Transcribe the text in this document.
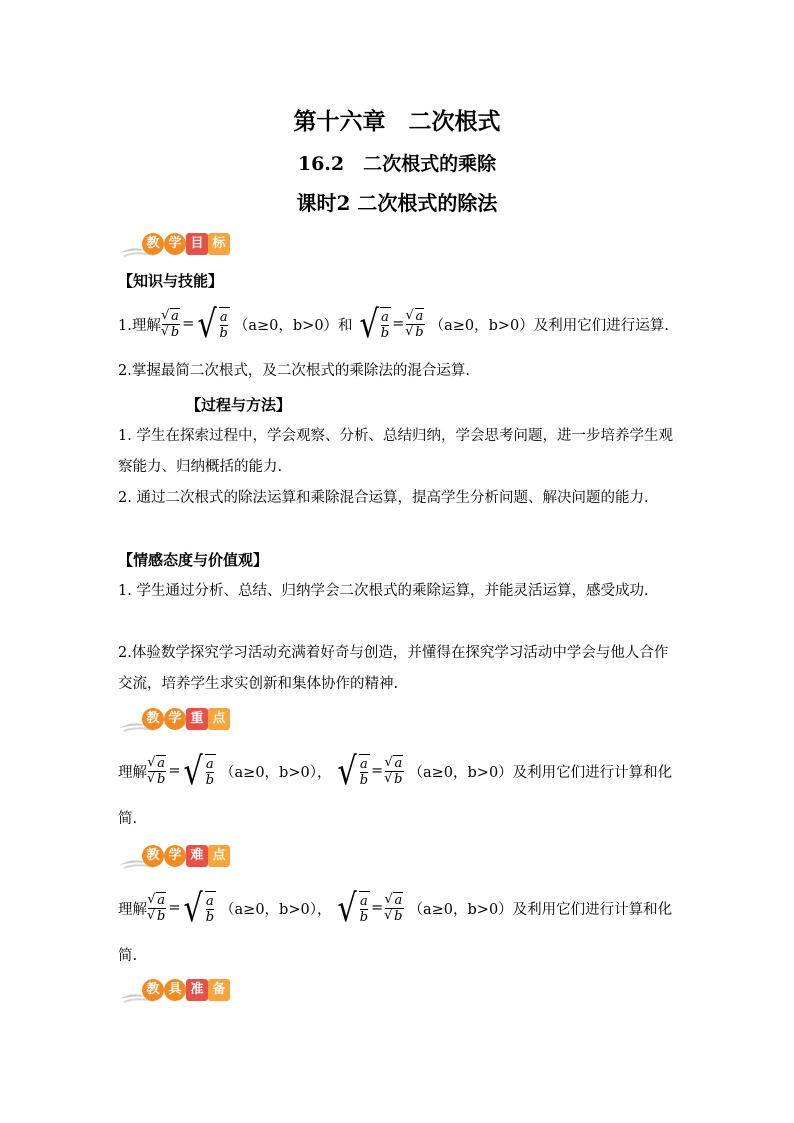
第十六章　二次根式
16.2　二次根式的乘除
课时2 二次根式的除法
教 学 目 标
【知识与技能】
1.理解 √ a
√ b = √ a
b （a≥0，b>0）和 √ a
b
= √ a
√ b （a≥0，b>0）及利用它们进行运算.
2.掌握最简二次根式，及二次根式的乘除法的混合运算.
【过程与方法】
1. 学生在探索过程中，学会观察、分析、总结归纳，学会思考问题，进一步培养学生观察能力、归纳概括的能力.
2. 通过二次根式的除法运算和乘除混合运算，提高学生分析问题、解决问题的能力.
【情感态度与价值观】
1. 学生通过分析、总结、归纳学会二次根式的乘除运算，并能灵活运算，感受成功.
2.体验数学探究学习活动充满着好奇与创造，并懂得在探究学习活动中学会与他人合作交流，培养学生求实创新和集体协作的精神.
教 学 重 点
理解 √ a
√ b = √ a
b （a≥0，b>0）， √ a
b
= √ a
√ b （a≥0，b>0）及利用它们进行计算和化
简.
教 学 难 点
理解 √ a
√ b = √ a
b （a≥0，b>0）， √ a
b
= √ a
√ b （a≥0，b>0）及利用它们进行计算和化
简.
教 具 准 备
